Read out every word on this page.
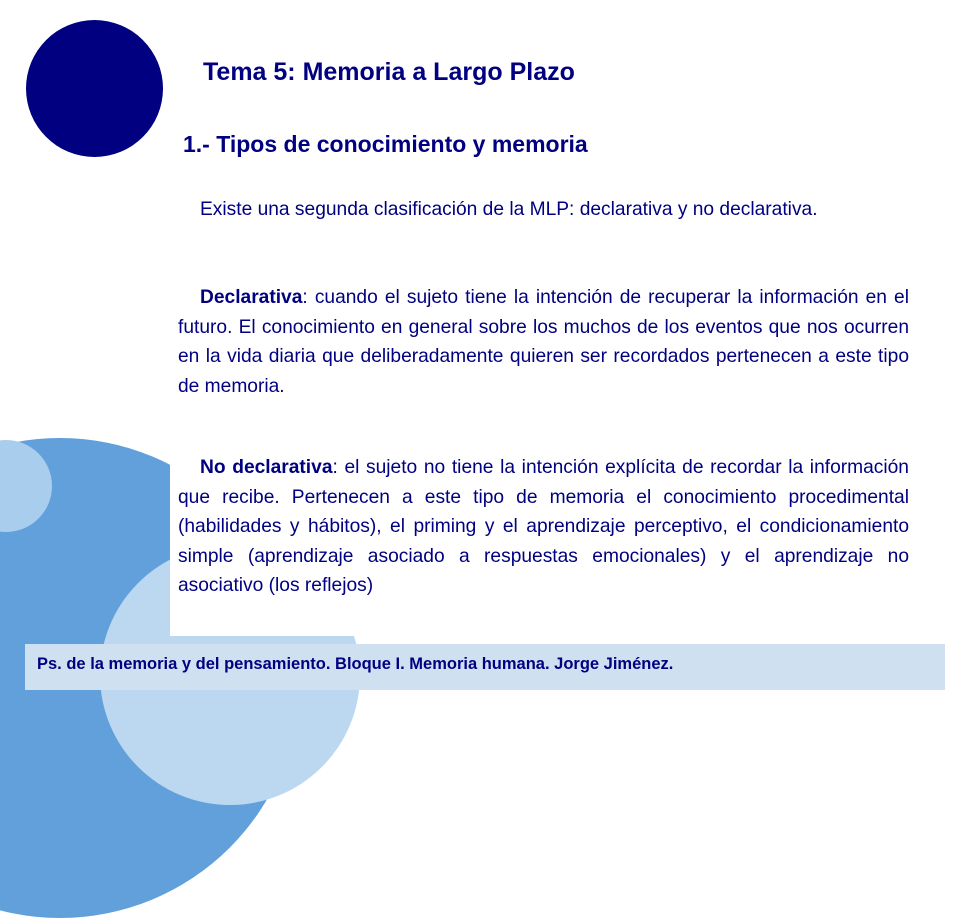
Tema 5: Memoria a Largo Plazo
1.- Tipos de conocimiento y memoria

Existe una segunda clasificación de la MLP: declarativa y no declarativa.

Declarativa: cuando el sujeto tiene la intención de recuperar la información en el futuro. El conocimiento en general sobre los muchos de los eventos que nos ocurren en la vida diaria que deliberadamente quieren ser recordados pertenecen a este tipo de memoria.

No declarativa: el sujeto no tiene la intención explícita de recordar la información que recibe. Pertenecen a este tipo de memoria el conocimiento procedimental (habilidades y hábitos), el priming y el aprendizaje perceptivo, el condicionamiento simple (aprendizaje asociado a respuestas emocionales) y el aprendizaje no asociativo (los reflejos)

Ps. de la memoria y del pensamiento. Bloque I. Memoria humana. Jorge Jiménez.
